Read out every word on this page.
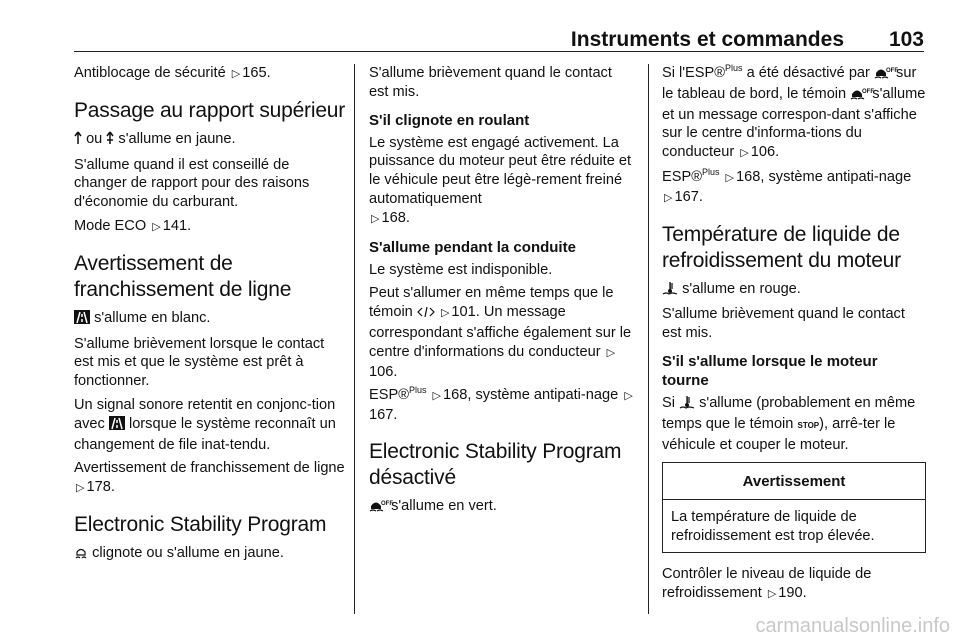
Instruments et commandes 103

Antiblocage de sécurité ▷ 165.

Passage au rapport supérieur

ou s'allume en jaune.

S'allume quand il est conseillé de changer de rapport pour des raisons d'économie du carburant.

Mode ECO ▷ 141.

Avertissement de franchissement de ligne

s'allume en blanc.

S'allume brièvement lorsque le contact est mis et que le système est prêt à fonctionner.

Un signal sonore retentit en conjonc-tion avec lorsque le système reconnaît un changement de file inat-tendu.

Avertissement de franchissement de ligne ▷ 178.

Electronic Stability Program

clignote ou s'allume en jaune.

S'allume brièvement quand le contact est mis.

S'il clignote en roulant

Le système est engagé activement. La puissance du moteur peut être réduite et le véhicule peut être légè-rement freiné automatiquement
▷ 168.

S'allume pendant la conduite

Le système est indisponible.

Peut s'allumer en même temps que le témoin	▷ 101. Un message correspondant s'affiche également sur le centre d'informations du conducteur ▷106.

ESP®$^{Plus}$ ▷ 168, système antipati-nage ▷167.

Electronic Stability Program désactivé

OFF
s'allume en vert.

Si l'ESP®$^{Plus}$ a été désactivé par	OFF
sur le tableau de bord, le témoin	OFF
s'allume et un message correspon-dant s'affiche sur le centre d'informa-tions du conducteur ▷ 106.

ESP®$^{Plus}$ ▷ 168, système antipati-nage ▷ 167.

Température de liquide de refroidissement du moteur

s'allume en rouge.

S'allume brièvement quand le contact est mis.

S'il s'allume lorsque le moteur tourne

Si s'allume (probablement en même temps que le témoin STOP), arrê-ter le véhicule et couper le moteur.

Avertissement

La température de liquide de refroidissement est trop élevée.

Contrôler le niveau de liquide de refroidissement ▷ 190.

carmanualsonline.info
